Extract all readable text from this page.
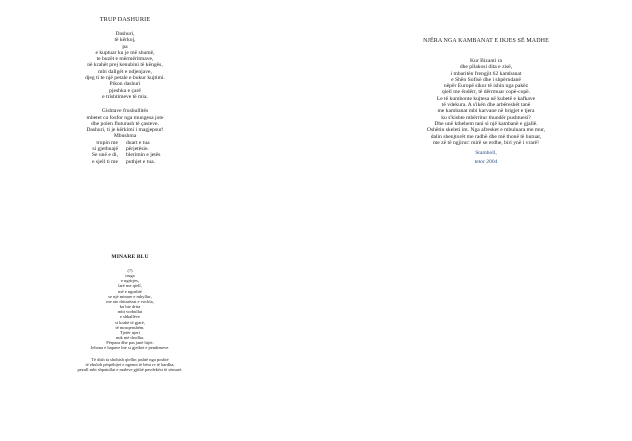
TRUP DASHURIE
Dashuri,
të kërkoj,
pa
e kuptuar ku je më shumë,
te buzët e mërmëritmave,
në krahët prej kenubini të këngës,
mbi dallgët e ndjenjave,
djeg ti te një petale e bukur kujtimi.
Pikon dashuri
pjeshka e çarë
e trishtimeve të mia.
Gishtave frushullitës
mbetet ca fosfor nga mungesa jote
dhe polen fluturash të çasteve.
Dashuri, ti je kërkimi i magjepsur!
Mbushma
trupin me	duart e tua
si gjethnajë	përjetësie.
Se unë e di,	blerimin e jetës
e sjell ti me	puthjet e tua.
MINARE BLU
(?)
truga
e ngrirjes,
larë me qiell,
më e ngushtë
se një minare e mbyllur,
me ato dritarëzat e vockla,
ku bie drita
mbi vorbullat
e shkallëve
si krahë të gjarë,
të mosqenshëm.
Tjetër njeri
nuk më drodha.
Përpara dhe pas janë hijet:
Jehona e hapave bie si gjethet e pendimeve.
Të dish ta shohish qiellin jashtë nga poshtë
të zbuloh përpëhijet e ngenut të bëra re të bardha,
pezull mbi shpatullat e maleve gjithë pavdekësi të sëmurë.
NJËRA NGA KAMBANAT E IKJES SË MADHE
Kur Bizanti ra
dhe pllakosi dita e zisë,
i mbaritën frengjit 62 kambanat
e Shën Sofisë dhe i shpërndanë
nëpër Europë sikur të ishin nga pakëz
qiell me ëndërr, të dërrmuar copë-copë.
Le të kumbonte kujtesa në kubetë e kafkave
të vdekura. A s'ikën dhe arbëreshët tanë
me kambanat mbi karvane në brigjet e tjera
ku s'kishte mbërritur thundër pushtuesi?
Dhe unë kthehem tani si një kambanë e gjallë.
Oshëtin skeleti im. Nga afresket e mbuluara me mur,
dalin shenjtorët me radhë dhe më thonë të hutuar,
me zë të ngjirur: mirë se erdhe, biri ynë i vrarë!
Stamboll,
tetor 2004
